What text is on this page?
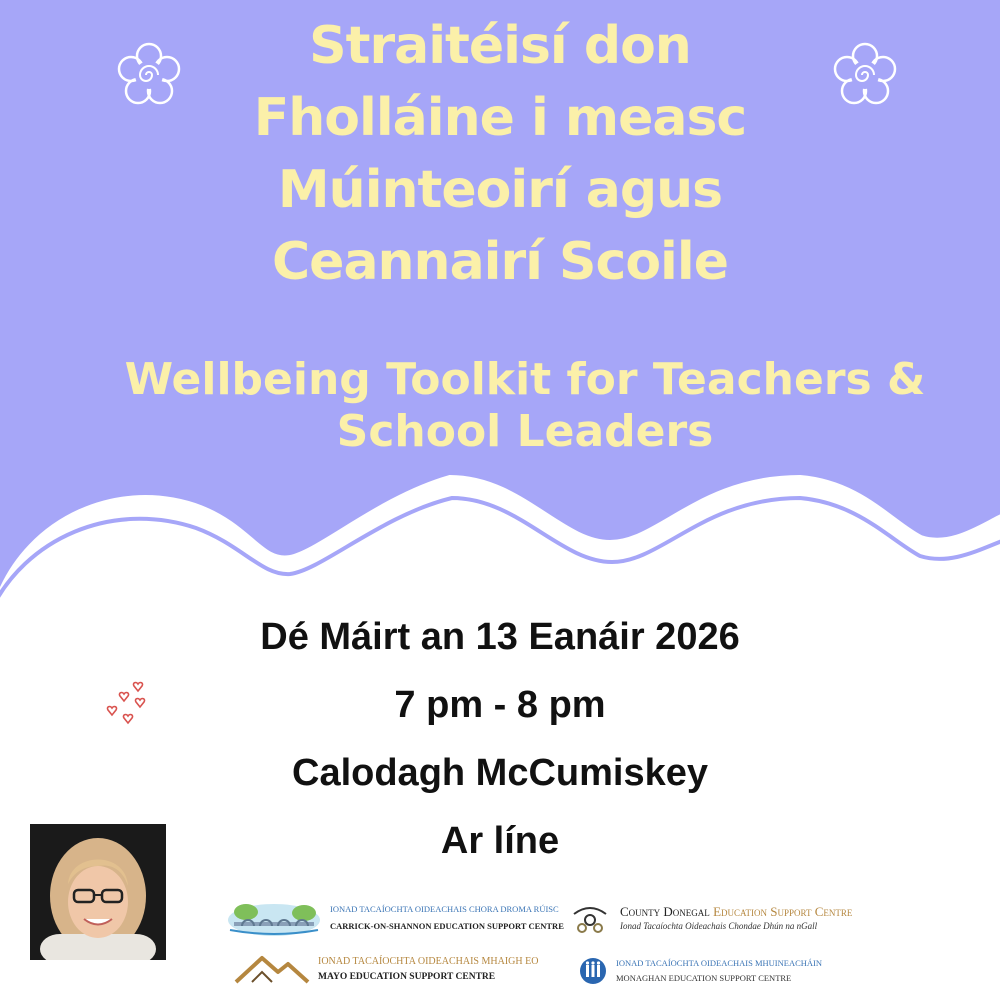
Straitéisí don
Fholláine i measc
Múinteoirí agus
Ceannairí Scoile
Wellbeing Toolkit for Teachers &
School Leaders
Dé Máirt an 13 Eanáir 2026
7 pm - 8 pm
Calodagh McCumiskey
Ar líne
IONAD TACAÍOCHTA OIDEACHAIS CHORA DROMA RÚISC
CARRICK-ON-SHANNON EDUCATION SUPPORT CENTRE
County Donegal Education Support Centre
Ionad Tacaíochta Oideachais Chondae Dhún na nGall
IONAD TACAÍOCHTA OIDEACHAIS MHAIGH EO
MAYO EDUCATION SUPPORT CENTRE
IONAD TACAÍOCHTA OIDEACHAIS MHUINEACHÁIN
MONAGHAN EDUCATION SUPPORT CENTRE
